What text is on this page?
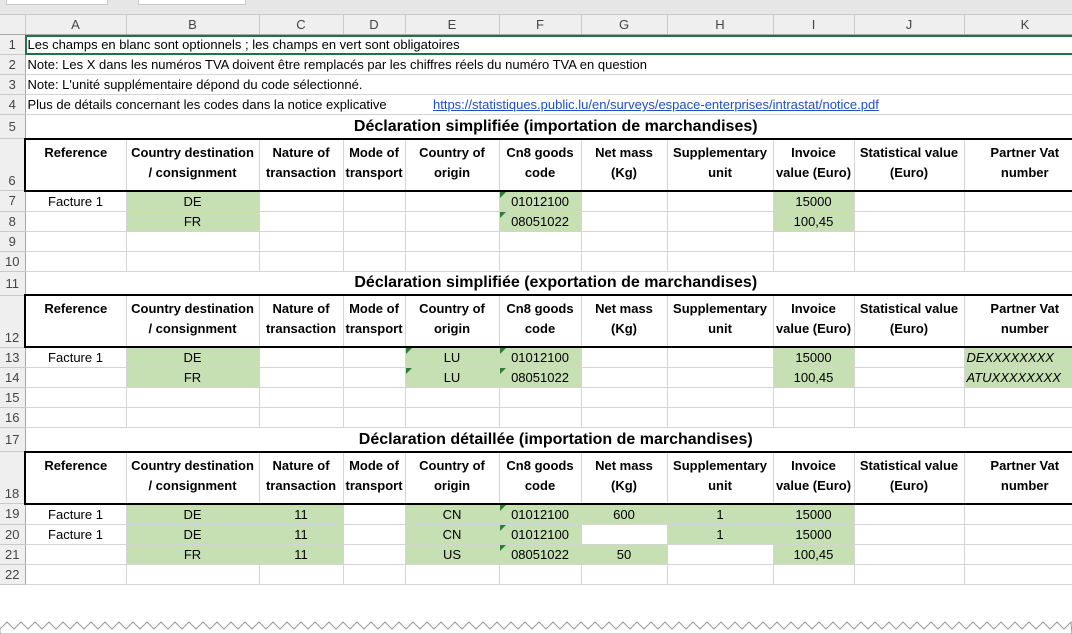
	A	B	C	D	E	F	G	H	I	J	K
1	Les champs en blanc sont optionnels ; les champs en vert sont obligatoires										
2	Note: Les X dans les numéros TVA doivent être remplacés par les chiffres réels du numéro TVA en question										
3	Note: L'unité supplémentaire dépond du code sélectionné.										
4	Plus de détails concernant les codes dans la notice explicative				https://statistiques.public.lu/en/surveys/espace-enterprises/intrastat/notice.pdf						
5	Déclaration simplifiée (importation de marchandises)										
6	Reference	Country destination / consignment	Nature of transaction	Mode of transport	Country of origin	Cn8 goods code	Net mass (Kg)	Supplementary unit	Invoice value (Euro)	Statistical value (Euro)	Partner Vat number
7	Facture 1	DE				01012100			15000		
8		FR				08051022			100,45		
9											
10											
11	Déclaration simplifiée (exportation de marchandises)										
12	Reference	Country destination / consignment	Nature of transaction	Mode of transport	Country of origin	Cn8 goods code	Net mass (Kg)	Supplementary unit	Invoice value (Euro)	Statistical value (Euro)	Partner Vat number
13	Facture 1	DE			LU	01012100			15000		DEXXXXXXXX
14		FR			LU	08051022			100,45		ATUXXXXXXXX
15											
16											
17	Déclaration détaillée (importation de marchandises)										
18	Reference	Country destination / consignment	Nature of transaction	Mode of transport	Country of origin	Cn8 goods code	Net mass (Kg)	Supplementary unit	Invoice value (Euro)	Statistical value (Euro)	Partner Vat number
19	Facture 1	DE	11		CN	01012100	600	1	15000		
20	Facture 1	DE	11		CN	01012100		1	15000		
21		FR	11		US	08051022	50		100,45		
22											
